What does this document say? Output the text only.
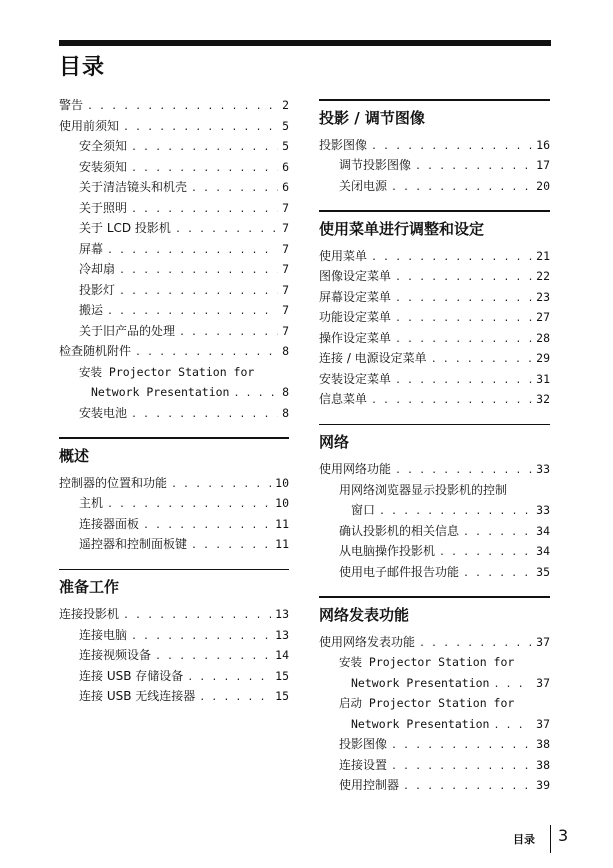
目录
警告 . . .	2
使用前须知 . . .	5
安全须知 . . .	5
安装须知 . . .	6
关于清洁镜头和机壳 . . .	6
关于照明 . . .	7
关于 LCD 投影机 . . .	7
屏幕 . . .	7
冷却扇 . . .	7
投影灯 . . .	7
搬运 . . .	7
关于旧产品的处理 . . .	7
检查随机附件 . . .	8
安装 Projector Station for
Network Presentation . . .	8
安装电池 . . .	8
概述
控制器的位置和功能 . . .	10
主机 . . .	10
连接器面板 . . .	11
遥控器和控制面板键 . . .	11
准备工作
连接投影机 . . .	13
连接电脑 . . .	13
连接视频设备 . . .	14
连接 USB 存储设备 . . .	15
连接 USB 无线连接器 . . .	15
投影 / 调节图像
投影图像 . . .	16
调节投影图像 . . .	17
关闭电源 . . .	20
使用菜单进行调整和设定
使用菜单 . . .	21
图像设定菜单 . . .	22
屏幕设定菜单 . . .	23
功能设定菜单 . . .	27
操作设定菜单 . . .	28
连接 / 电源设定菜单 . . .	29
安装设定菜单 . . .	31
信息菜单 . . .	32
网络
使用网络功能 . . .	33
用网络浏览器显示投影机的控制
窗口 . . .	33
确认投影机的相关信息 . . .	34
从电脑操作投影机 . . .	34
使用电子邮件报告功能 . . .	35
网络发表功能
使用网络发表功能 . . .	37
安装 Projector Station for
Network Presentation . . .	37
启动 Projector Station for
Network Presentation . . .	37
投影图像 . . .	38
连接设置 . . .	38
使用控制器 . . .	39
目录 3
